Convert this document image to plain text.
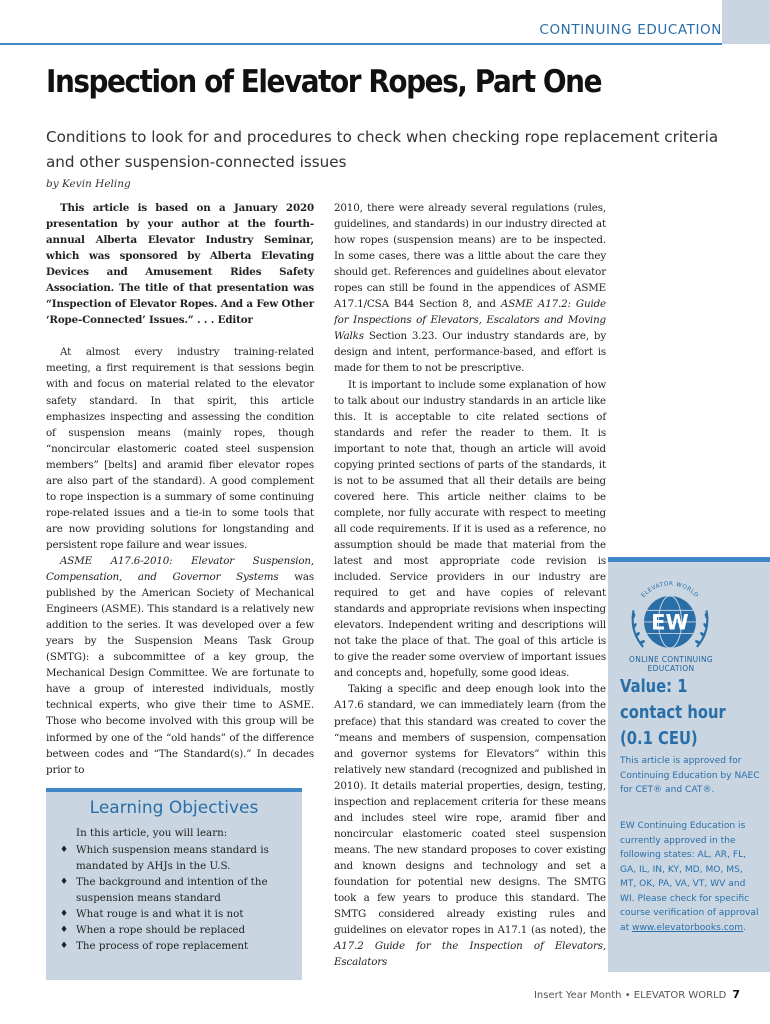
CONTINUING EDUCATION
Inspection of Elevator Ropes, Part One
Conditions to look for and procedures to check when checking rope replacement criteria and other suspension-connected issues
by Kevin Heling

This article is based on a January 2020 presentation by your author at the fourth-annual Alberta Elevator Industry Seminar, which was sponsored by Alberta Elevating Devices and Amusement Rides Safety Association. The title of that presentation was “Inspection of Elevator Ropes. And a Few Other ‘Rope-Connected’ Issues.” . . . Editor

At almost every industry training-related meeting, a first requirement is that sessions begin with and focus on material related to the elevator safety standard. In that spirit, this article emphasizes inspecting and assessing the condition of suspension means (mainly ropes, though “noncircular elastomeric coated steel suspension members” [belts] and aramid fiber elevator ropes are also part of the standard). A good complement to rope inspection is a summary of some continuing rope-related issues and a tie-in to some tools that are now providing solutions for longstanding and persistent rope failure and wear issues.

ASME A17.6-2010: Elevator Suspension, Compensation, and Governor Systems was published by the American Society of Mechanical Engineers (ASME). This standard is a relatively new addition to the series. It was developed over a few years by the Suspension Means Task Group (SMTG): a subcommittee of a key group, the Mechanical Design Committee. We are fortunate to have a group of interested individuals, mostly technical experts, who give their time to ASME. Those who become involved with this group will be informed by one of the “old hands” of the difference between codes and “The Standard(s).” In decades prior to

2010, there were already several regulations (rules, guidelines, and standards) in our industry directed at how ropes (suspension means) are to be inspected. In some cases, there was a little about the care they should get. References and guidelines about elevator ropes can still be found in the appendices of ASME A17.1/CSA B44 Section 8, and ASME A17.2: Guide for Inspections of Elevators, Escalators and Moving Walks Section 3.23. Our industry standards are, by design and intent, performance-based, and effort is made for them to not be prescriptive.

It is important to include some explanation of how to talk about our industry standards in an article like this. It is acceptable to cite related sections of standards and refer the reader to them. It is important to note that, though an article will avoid copying printed sections of parts of the standards, it is not to be assumed that all their details are being covered here. This article neither claims to be complete, nor fully accurate with respect to meeting all code requirements. If it is used as a reference, no assumption should be made that material from the latest and most appropriate code revision is included. Service providers in our industry are required to get and have copies of relevant standards and appropriate revisions when inspecting elevators. Independent writing and descriptions will not take the place of that. The goal of this article is to give the reader some overview of important issues and concepts and, hopefully, some good ideas.

Taking a specific and deep enough look into the A17.6 standard, we can immediately learn (from the preface) that this standard was created to cover the “means and members of suspension, compensation and governor systems for Elevators” within this relatively new standard (recognized and published in 2010). It details material properties, design, testing, inspection and replacement criteria for these means and includes steel wire rope, aramid fiber and noncircular elastomeric coated steel suspension means. The new standard proposes to cover existing and known designs and technology and set a foundation for potential new designs. The SMTG took a few years to produce this standard. The SMTG considered already existing rules and guidelines on elevator ropes in A17.1 (as noted), the A17.2 Guide for the Inspection of Elevators, Escalators

Learning Objectives
In this article, you will learn:
♦ Which suspension means standard is mandated by AHJs in the U.S.
♦ The background and intention of the suspension means standard
♦ What rouge is and what it is not
♦ When a rope should be replaced
♦ The process of rope replacement
EW
ELEVATOR WORLD
ONLINE CONTINUING EDUCATION
Value: 1 contact hour (0.1 CEU)
This article is approved for Continuing Education by NAEC for CET® and CAT®.
EW Continuing Education is currently approved in the following states: AL, AR, FL, GA, IL, IN, KY, MD, MO, MS, MT, OK, PA, VA, VT, WV and WI. Please check for specific course verification of approval at www.elevatorbooks.com.
Insert Year Month • ELEVATOR WORLD 7
